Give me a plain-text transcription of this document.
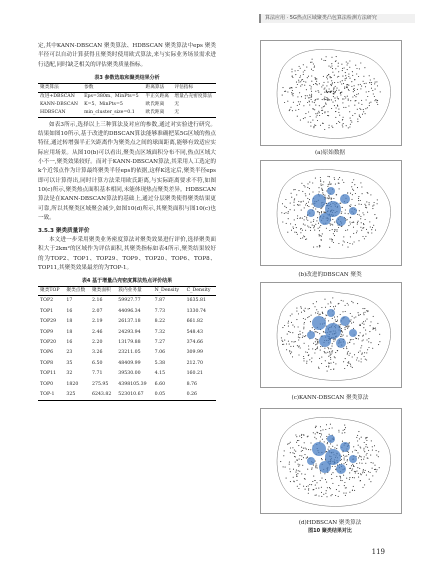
算法应用 · 5G热点区域聚类凸包算法检测方法研究

定,其中KANN-DBSCAN 聚类算法、HDBSCAN 聚类算法中eps 聚类半径可以自动计算获得且聚类时使用欧式算法,来与实际业务场景需求进行适配,同时缺乏相关的评估聚类质量指标。

表3 参数选取和聚类结果分析
聚类算法	参数	距离算法	评估指标
改进+DBSCAN	Eps=380m、MinPts=5	半正矢距离	增量凸壳密度算法
KANN-DBSCAN	K=5、MinPts=5	欧氏距离	无
HDBSCAN	min_cluster_size=0.1	欧氏距离	无

如表3所示,选择以上三种算法及对应的参数,通过对实验进行研究。结果如图10所示,基于改进的DBSCAN算法能够准确把某5G区域的热点特征,通过转增强半正矢距离作为聚类点之间的球面距离,能够有效适应实际应用场景。从图10(b)可以看出,聚类点区域面积分布不同,热点区域大小不一,聚类效果较好。而对于KANN-DBSCAN算法,其采用人工选定的k个近邻点作为计算最终聚类半径eps的依据,这样K选定后,聚类半径eps即可以计算得出,同时计算方法采用欧氏距离,与实际距离要求不符,如图10(c)所示,聚类热点面积基本相同,未能体现热点聚类差异。HDBSCAN算法是在KANN-DBSCAN算法的基础上,通过分层聚类使得聚类结果更可靠,所以其聚类区域聚会减少,如图10(d)所示,其聚类面积与图10(c)也一致。

3.5.3 聚类质量评价

本文进一步采用聚类业务密度算法对聚类效果进行评价,选择聚类面积大于2km²的区域作为评估面积,其聚类指标如表4所示,聚类结果较好的为TOP2、TOP1、TOP29、TOP9、TOP20、TOP6、TOP8、TOP11,其聚类效果最差的为TOP-1。

表4 基于增量凸壳密度算法热点评价结果
聚类TOP	聚类点数	聚类面积	簇内业务量	N_Density	C_Density
TOP2	17	2.16	59927.77	7.87	1635.81
TOP1	16	2.07	44096.34	7.73	1330.74
TOP29	18	2.19	26137.18	8.22	661.82
TOP9	18	2.46	24293.94	7.32	548.43
TOP20	16	2.20	13179.88	7.27	374.66
TOP6	23	3.26	23211.05	7.06	309.99
TOP8	35	6.50	48409.99	5.38	212.70
TOP11	32	7.71	39530.00	4.15	160.21
TOP0	1820	275.95	4398105.39	6.60	8.76
TOP-1	325	6243.82	523010.67	0.05	0.26
(a)原始数据
(b)改进的DBSCAN 聚类
(c)KANN-DBSCAN 聚类算法
(d)HDBSCAN 聚类算法
图10 聚类结果对比
119
